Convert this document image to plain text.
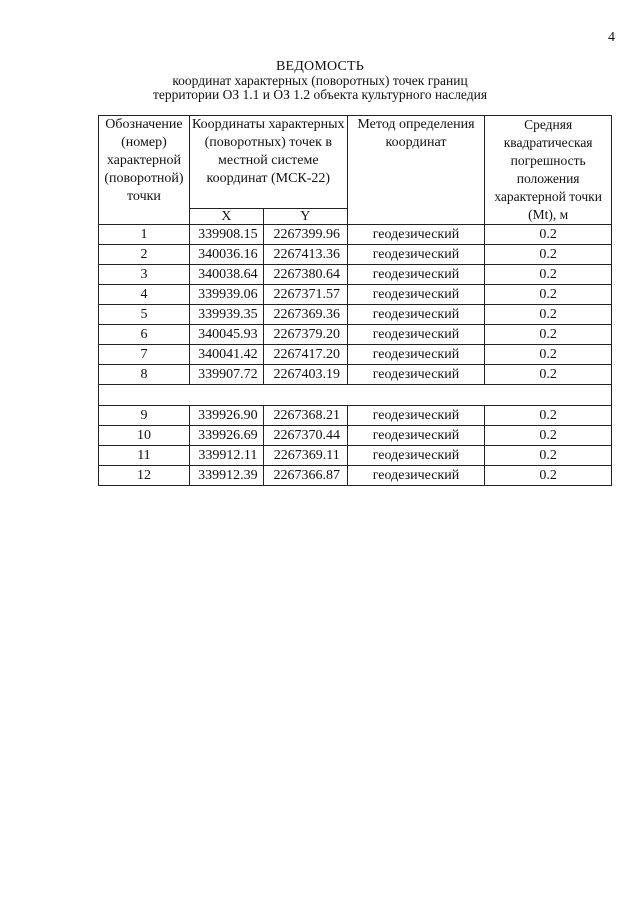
4
ВЕДОМОСТЬ
координат характерных (поворотных) точек границ
территории ОЗ 1.1 и ОЗ 1.2 объекта культурного наследия
Обозначение (номер) характерной (поворотной) точки	Координаты характерных (поворотных) точек в местной системе координат (МСК-22)		Метод определения координат	Средняя квадратическая погрешность положения характерной точки (Mt), м
	X	Y		
1	339908.15	2267399.96	геодезический	0.2
2	340036.16	2267413.36	геодезический	0.2
3	340038.64	2267380.64	геодезический	0.2
4	339939.06	2267371.57	геодезический	0.2
5	339939.35	2267369.36	геодезический	0.2
6	340045.93	2267379.20	геодезический	0.2
7	340041.42	2267417.20	геодезический	0.2
8	339907.72	2267403.19	геодезический	0.2

9	339926.90	2267368.21	геодезический	0.2
10	339926.69	2267370.44	геодезический	0.2
11	339912.11	2267369.11	геодезический	0.2
12	339912.39	2267366.87	геодезический	0.2
